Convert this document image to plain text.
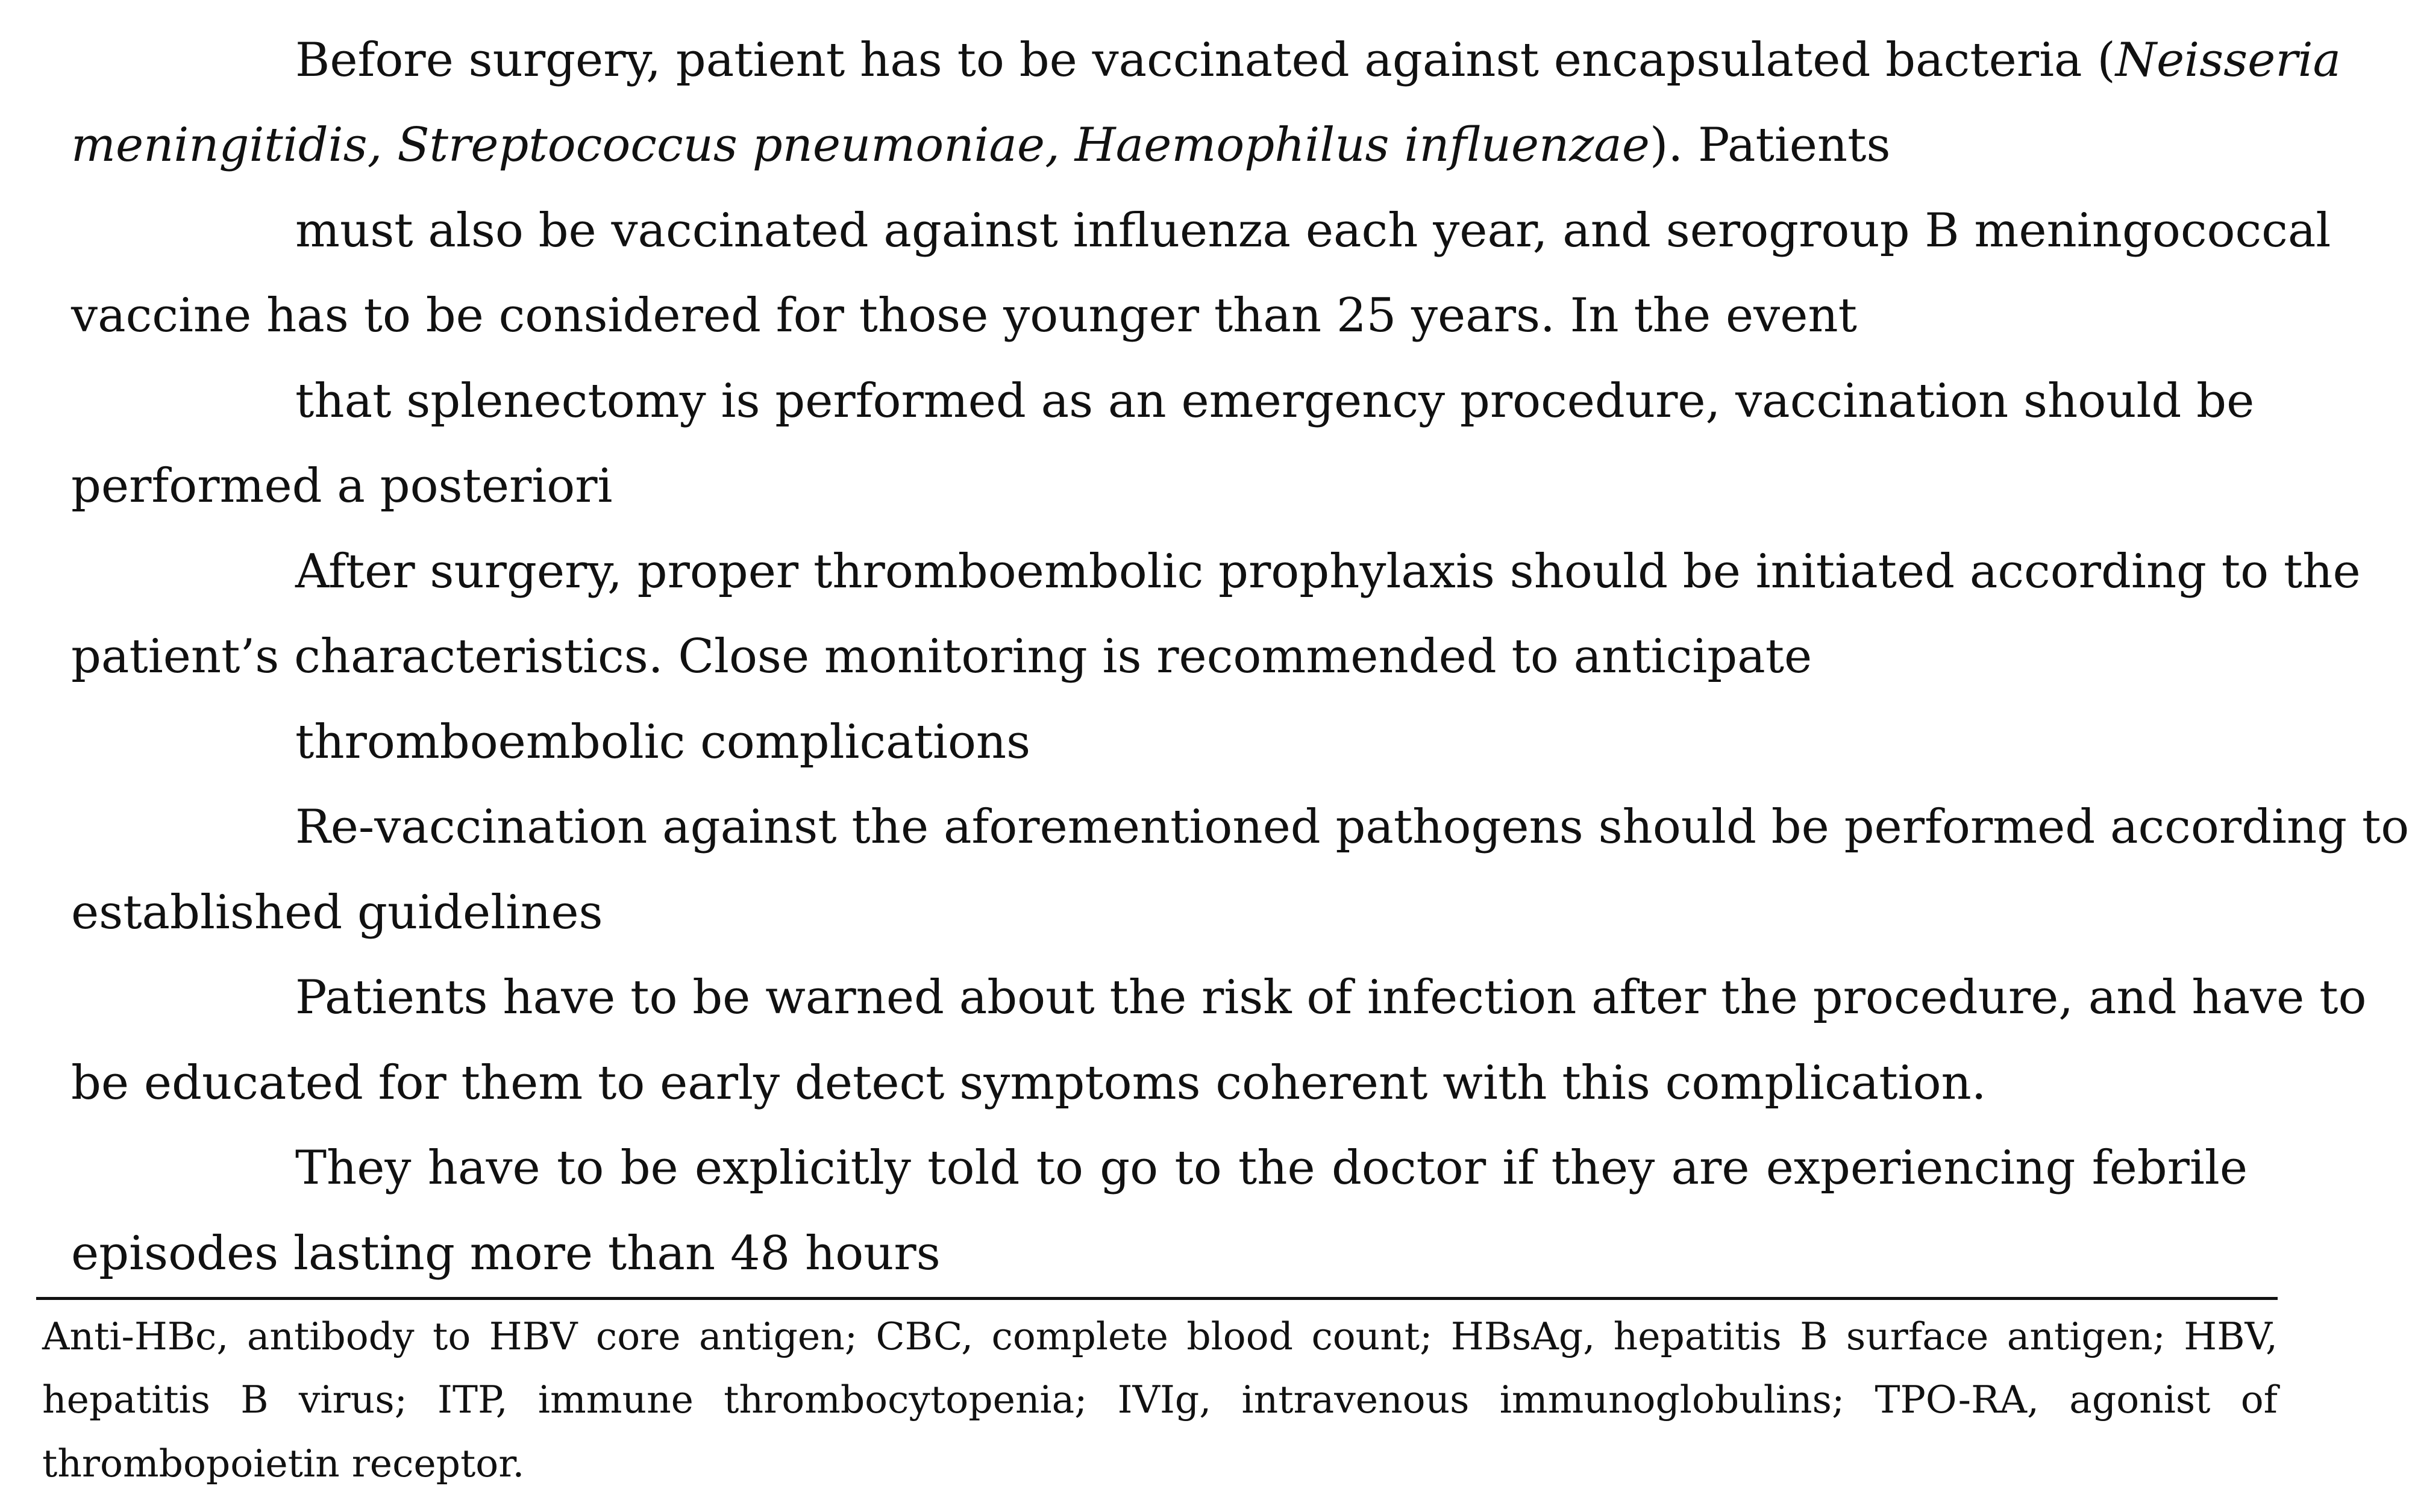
Before surgery, patient has to be vaccinated against encapsulated bacteria (Neisseria
meningitidis, Streptococcus pneumoniae, Haemophilus influenzae). Patients
must also be vaccinated against influenza each year, and serogroup B meningococcal
vaccine has to be considered for those younger than 25 years. In the event
that splenectomy is performed as an emergency procedure, vaccination should be
performed a posteriori
After surgery, proper thromboembolic prophylaxis should be initiated according to the
patient’s characteristics. Close monitoring is recommended to anticipate
thromboembolic complications
Re-vaccination against the aforementioned pathogens should be performed according to
established guidelines
Patients have to be warned about the risk of infection after the procedure, and have to
be educated for them to early detect symptoms coherent with this complication.
They have to be explicitly told to go to the doctor if they are experiencing febrile
episodes lasting more than 48 hours
Anti-HBc, antibody to HBV core antigen; CBC, complete blood count; HBsAg, hepatitis B surface antigen; HBV,
hepatitis B virus; ITP, immune thrombocytopenia; IVIg, intravenous immunoglobulins; TPO-RA, agonist of
thrombopoietin receptor.
